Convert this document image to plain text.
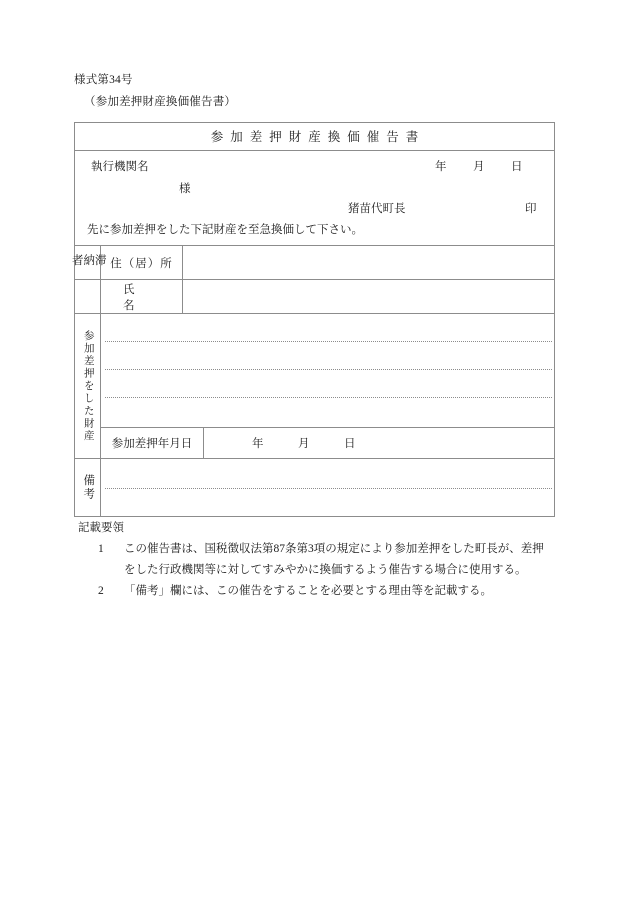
様式第34号
（参加差押財産換価催告書）
参加差押財産換価催告書
執行機関名	年 月 日
様
猪苗代町長	印
先に参加差押をした下記財産を至急換価して下さい。
滞納者	住（居）所
氏名
参加差押をした財産
参加差押年月日	年	月	日
備考
記載要領
1	この催告書は、国税徴収法第87条第3項の規定により参加差押をした町長が、差押
をした行政機関等に対してすみやかに換価するよう催告する場合に使用する。
2	「備考」欄には、この催告をすることを必要とする理由等を記載する。
